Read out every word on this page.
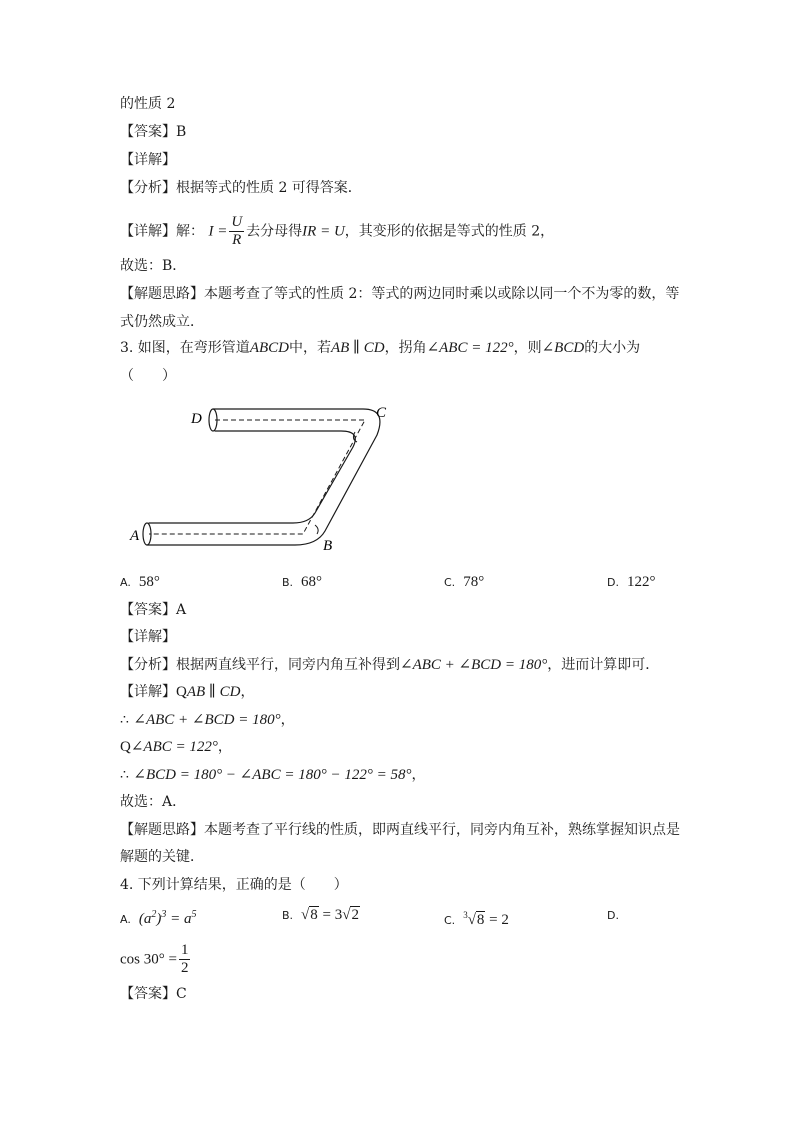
的性质 2
【答案】B
【详解】
【分析】根据等式的性质 2 可得答案．
【详解】解： $I = \frac{U}{R}$ 去分母得IR = U，其变形的依据是等式的性质 2，
故选：B．
【解题思路】本题考查了等式的性质 2：等式的两边同时乘以或除以同一个不为零的数，等
式仍然成立．
3. 如图，在弯形管道ABCD中，若AB ∥ CD，拐角∠ABC = 122°，则∠BCD的大小为
（　　）
D	C
A
B
A. 58°	B. 68°	C. 78°	D. 122°
【答案】A
【详解】
【分析】根据两直线平行，同旁内角互补得到∠ABC + ∠BCD = 180°，进而计算即可．
【详解】QAB ∥ CD，
∴ ∠ABC + ∠BCD = 180°，
Q∠ABC = 122°，
∴ ∠BCD = 180° − ∠ABC = 180° − 122° = 58°，
故选：A．
【解题思路】本题考查了平行线的性质，即两直线平行，同旁内角互补，熟练掌握知识点是
解题的关键．
4. 下列计算结果，正确的是（　　）
A. $(a^2)^3 = a^5$	B. √8 = 3√2	C. $^3$√8 = 2	D.
$\cos 30^\circ = \frac{1}{2}$
【答案】C
